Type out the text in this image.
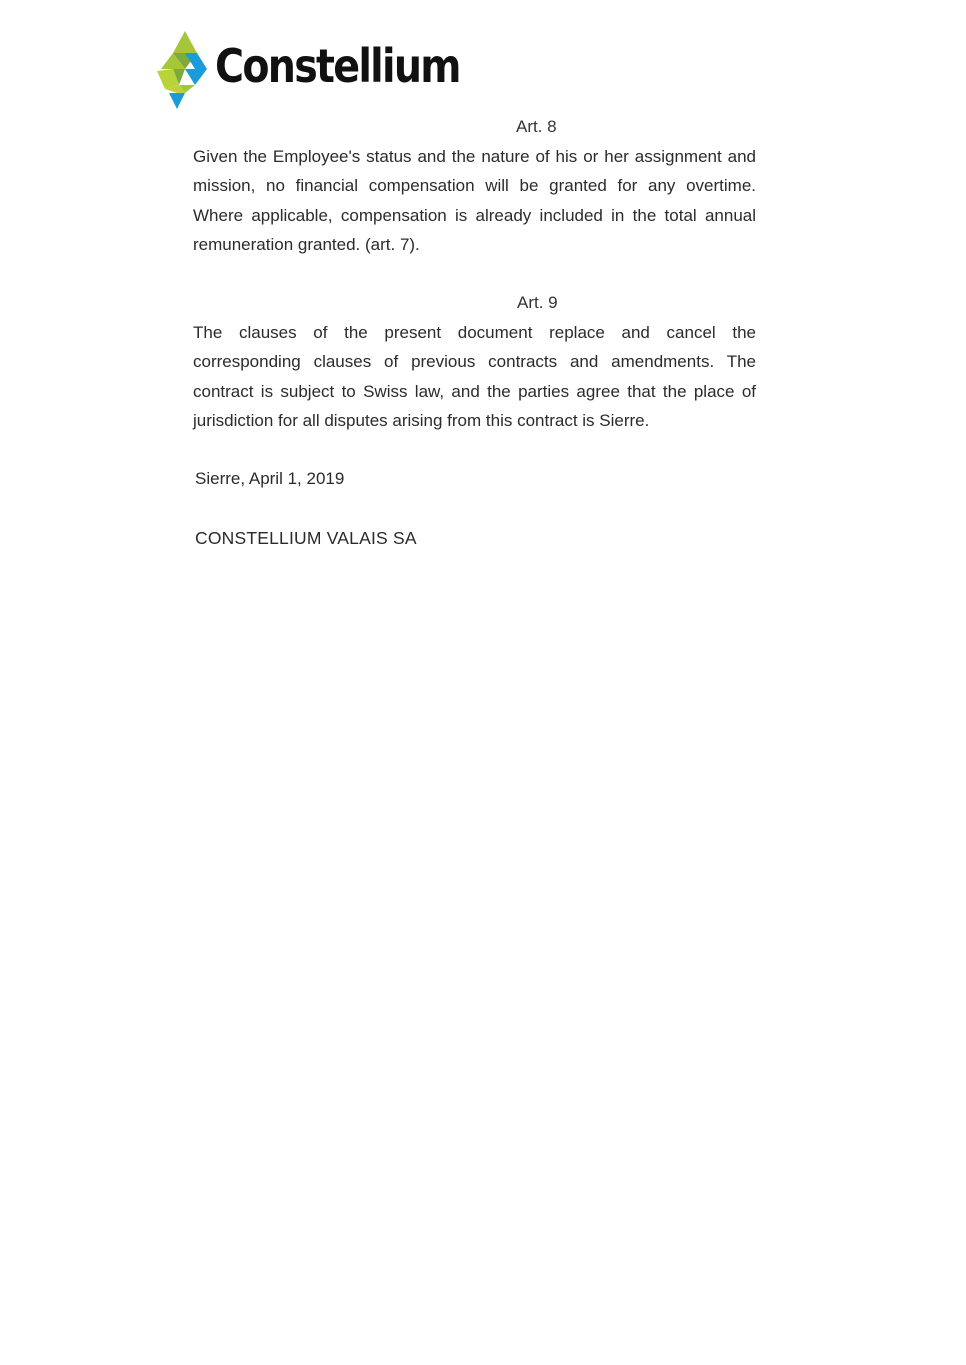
Constellium
Art. 8

Given the Employee's status and the nature of his or her assignment and mission, no financial compensation will be granted for any overtime. Where applicable, compensation is already included in the total annual remuneration granted. (art. 7).

Art. 9

The clauses of the present document replace and cancel the corresponding clauses of previous contracts and amendments. The contract is subject to Swiss law, and the parties agree that the place of jurisdiction for all disputes arising from this contract is Sierre.

Sierre, April 1, 2019
CONSTELLIUM VALAIS SA
